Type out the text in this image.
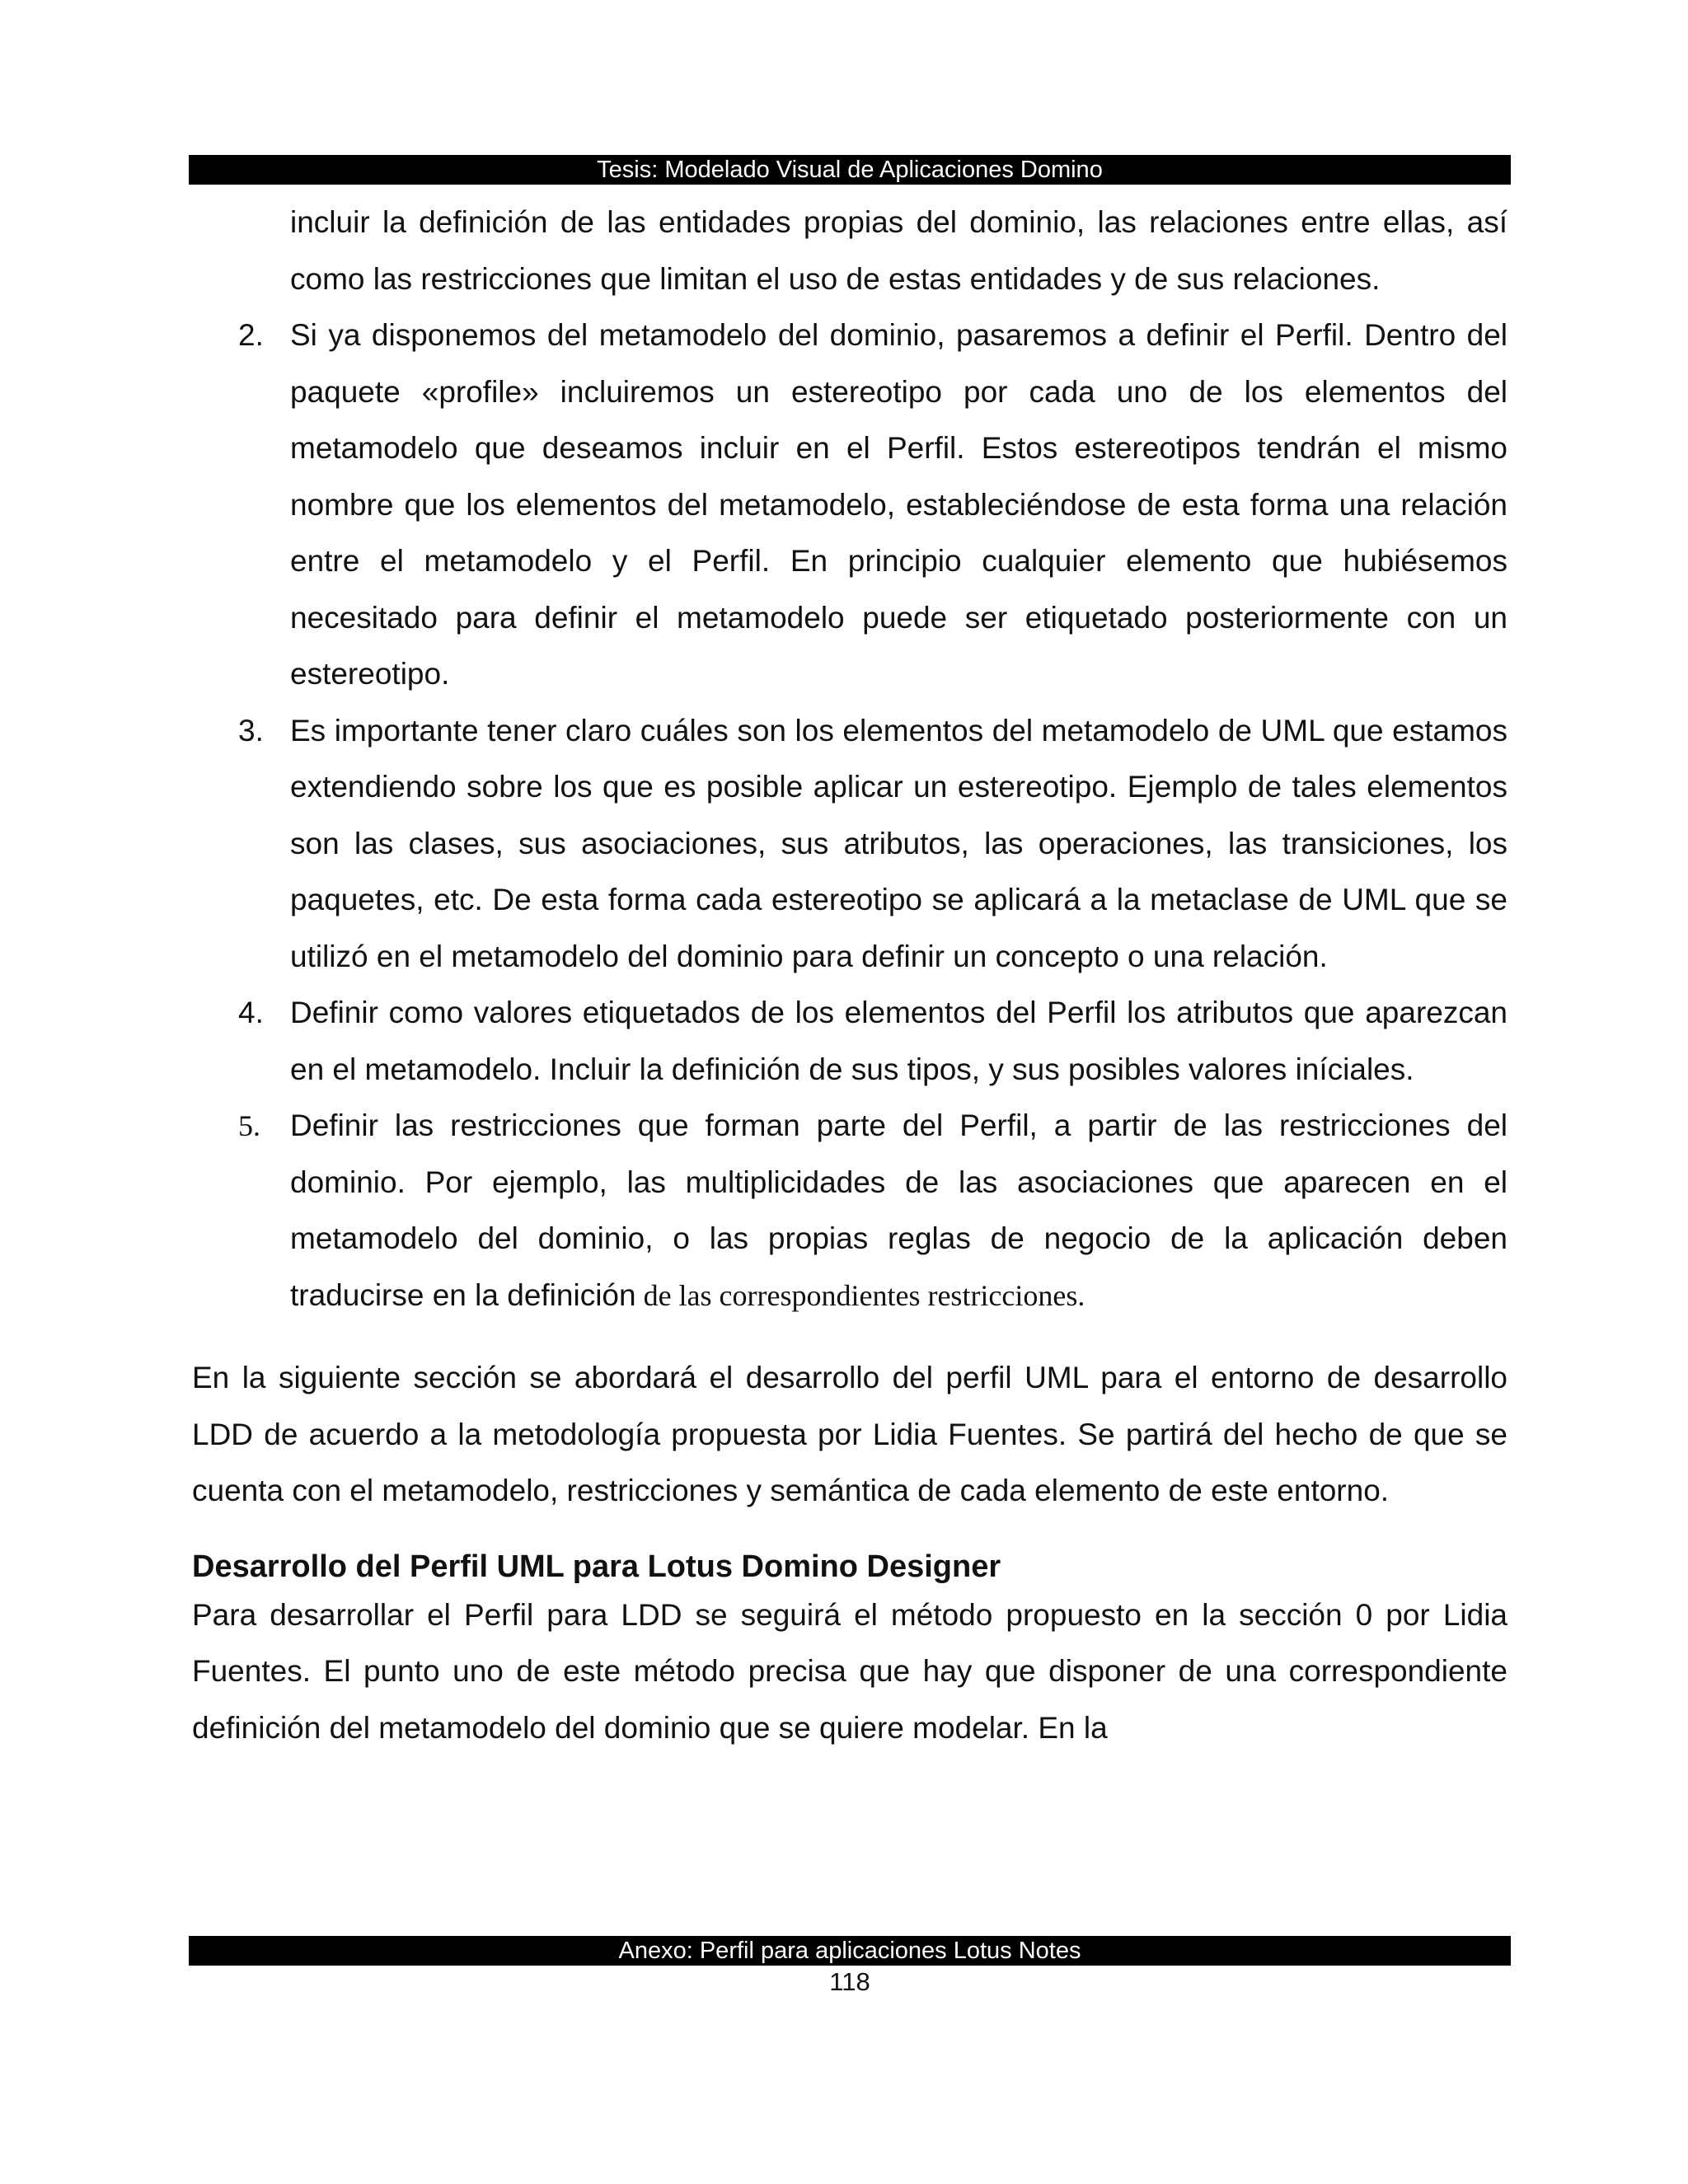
Tesis: Modelado Visual de Aplicaciones Domino

incluir la definición de las entidades propias del dominio, las relaciones entre ellas, así como las restricciones que limitan el uso de estas entidades y de sus relaciones.

2. Si ya disponemos del metamodelo del dominio, pasaremos a definir el Perfil. Dentro del paquete «profile» incluiremos un estereotipo por cada uno de los elementos del metamodelo que deseamos incluir en el Perfil. Estos estereotipos tendrán el mismo nombre que los elementos del metamodelo, estableciéndose de esta forma una relación entre el metamodelo y el Perfil. En principio cualquier elemento que hubiésemos necesitado para definir el metamodelo puede ser etiquetado posteriormente con un estereotipo.

3. Es importante tener claro cuáles son los elementos del metamodelo de UML que estamos extendiendo sobre los que es posible aplicar un estereotipo. Ejemplo de tales elementos son las clases, sus asociaciones, sus atributos, las operaciones, las transiciones, los paquetes, etc. De esta forma cada estereotipo se aplicará a la metaclase de UML que se utilizó en el metamodelo del dominio para definir un concepto o una relación.

4. Definir como valores etiquetados de los elementos del Perfil los atributos que aparezcan en el metamodelo. Incluir la definición de sus tipos, y sus posibles valores iníciales.

5. Definir las restricciones que forman parte del Perfil, a partir de las restricciones del dominio. Por ejemplo, las multiplicidades de las asociaciones que aparecen en el metamodelo del dominio, o las propias reglas de negocio de la aplicación deben traducirse en la definición de las correspondientes restricciones.

En la siguiente sección se abordará el desarrollo del perfil UML para el entorno de desarrollo LDD de acuerdo a la metodología propuesta por Lidia Fuentes. Se partirá del hecho de que se cuenta con el metamodelo, restricciones y semántica de cada elemento de este entorno.

Desarrollo del Perfil UML para Lotus Domino Designer

Para desarrollar el Perfil para LDD se seguirá el método propuesto en la sección 0 por Lidia Fuentes. El punto uno de este método precisa que hay que disponer de una correspondiente definición del metamodelo del dominio que se quiere modelar. En la

Anexo: Perfil para aplicaciones Lotus Notes
118
